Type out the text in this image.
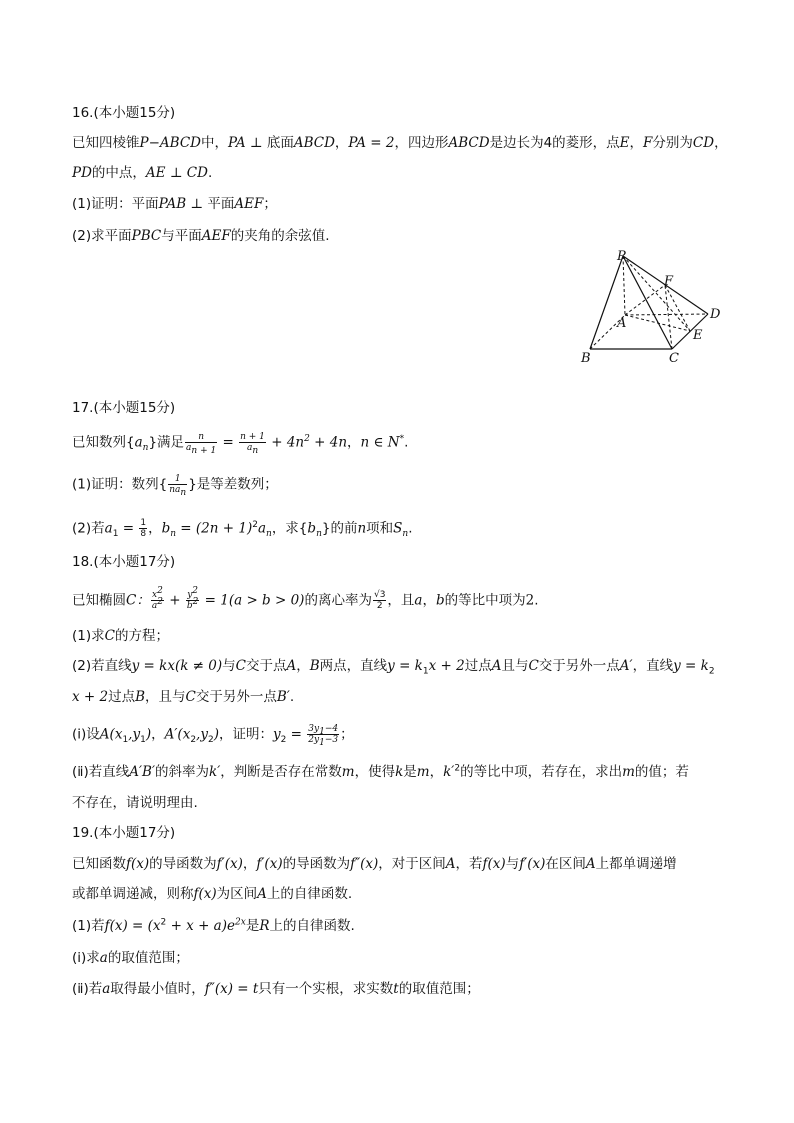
16.(本小题15分)
已知四棱锥P−ABCD中，PA ⊥ 底面ABCD，PA = 2，四边形ABCD是边长为4的菱形，点E，F分别为CD，
PD的中点，AE ⊥ CD.
(1)证明：平面PAB ⊥ 平面AEF；
(2)求平面PBC与平面AEF的夹角的余弦值.
P
F
D
A
E
B	C
17.(本小题15分)
已知数列$\{a_n\}$满足 $\frac{n}{a_{n + 1}} = \frac{n + 1}{a_n} + 4n^2 + 4n$，n ∈ N*.
(1)证明：数列{ 1
$na_n$
}是等差数列；
(2)若$a_1 = \frac{1}{8}$ ，$b_n = (2n + 1)^2a_n$，求$\{b_n\}$的前n项和$S_n$.
18.(本小题17分)
已知椭圆C： $\frac{x^2}{a^2} + \frac{y^2}{b^2} = 1(a > b > 0)$的离心率为 $\frac{√3}{2}$ ，且a，b的等比中项为2.
(1)求C的方程；
(2)若直线y = kx(k ≠ 0)与C交于点A，B两点，直线$y = k_1x + 2$过点A且与C交于另外一点A′，直线$y = k_2$
x + 2过点B，且与C交于另外一点B′.
(ⅰ)设$A(x_1,y_1)$，$A'(x_2,y_2)$，证明：$y_2 = \frac{3y_1-4}{2y_1-3}$ ；
(ⅱ)若直线A′B′的斜率为k′，判断是否存在常数m，使得k是m，$k'^2$的等比中项，若存在，求出m的值；若
不存在，请说明理由.
19.(本小题17分)
已知函数f(x)的导函数为f′(x)，f′(x)的导函数为f″(x)，对于区间A，若f(x)与f′(x)在区间A上都单调递增
或都单调递减，则称f(x)为区间A上的自律函数.
(1)若$f(x) = (x^2 + x + a)e^{2x}$是R上的自律函数.
(ⅰ)求a的取值范围；
(ⅱ)若a取得最小值时，f″(x) = t只有一个实根，求实数t的取值范围；
